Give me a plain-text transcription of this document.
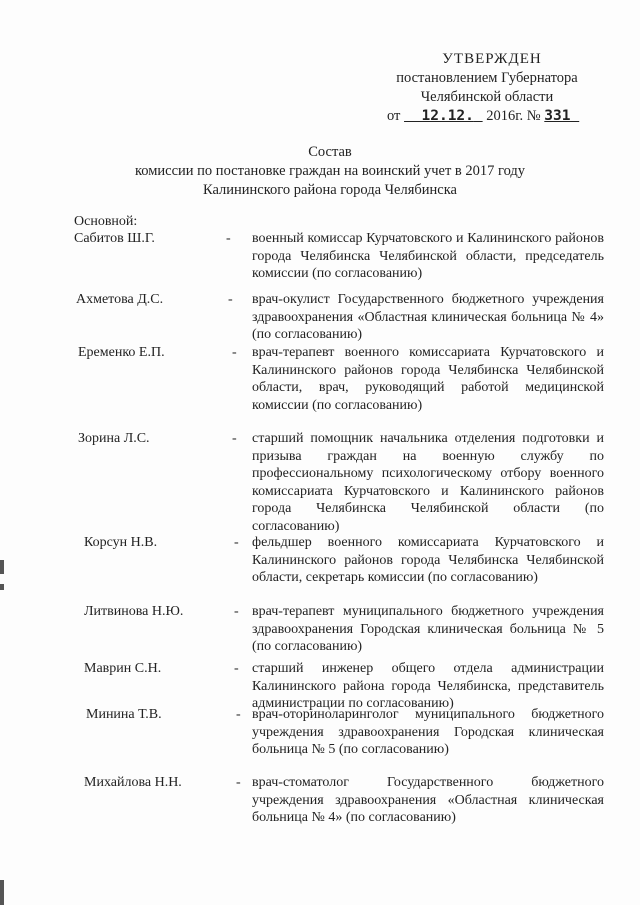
УТВЕРЖДЕН
постановлением Губернатора
Челябинской области
от 12.12. 2016г. № 331
Состав
комиссии по постановке граждан на воинский учет в 2017 году
Калининского района города Челябинска
Основной:
Сабитов Ш.Г.	- военный комиссар Курчатовского и Калининского районов города Челябинска Челябинской области, председатель комиссии (по согласованию)
Ахметова Д.С.	- врач-окулист Государственного бюджетного учреждения здравоохранения «Областная клиническая больница № 4» (по согласованию)
Еременко Е.П.	- врач-терапевт военного комиссариата Курчатовского и Калининского районов города Челябинска Челябинской области, врач, руководящий работой медицинской комиссии (по согласованию)
Зорина Л.С.	- старший помощник начальника отделения подготовки и призыва граждан на военную службу по профессиональному психологическому отбору военного комиссариата Курчатовского и Калининского районов города Челябинска Челябинской области (по согласованию)
Корсун Н.В.	- фельдшер военного комиссариата Курчатовского и Калининского районов города Челябинска Челябинской области, секретарь комиссии (по согласованию)
Литвинова Н.Ю.	- врач-терапевт муниципального бюджетного учреждения здравоохранения Городская клиническая больница № 5 (по согласованию)
Маврин С.Н.	- старший инженер общего отдела администрации Калининского района города Челябинска, представитель администрации по согласованию)
Минина Т.В.	- врач-оториноларинголог муниципального бюджетного учреждения здравоохранения Городская клиническая больница № 5 (по согласованию)
Михайлова Н.Н.	- врач-стоматолог Государственного бюджетного учреждения здравоохранения «Областная клиническая больница № 4» (по согласованию)
